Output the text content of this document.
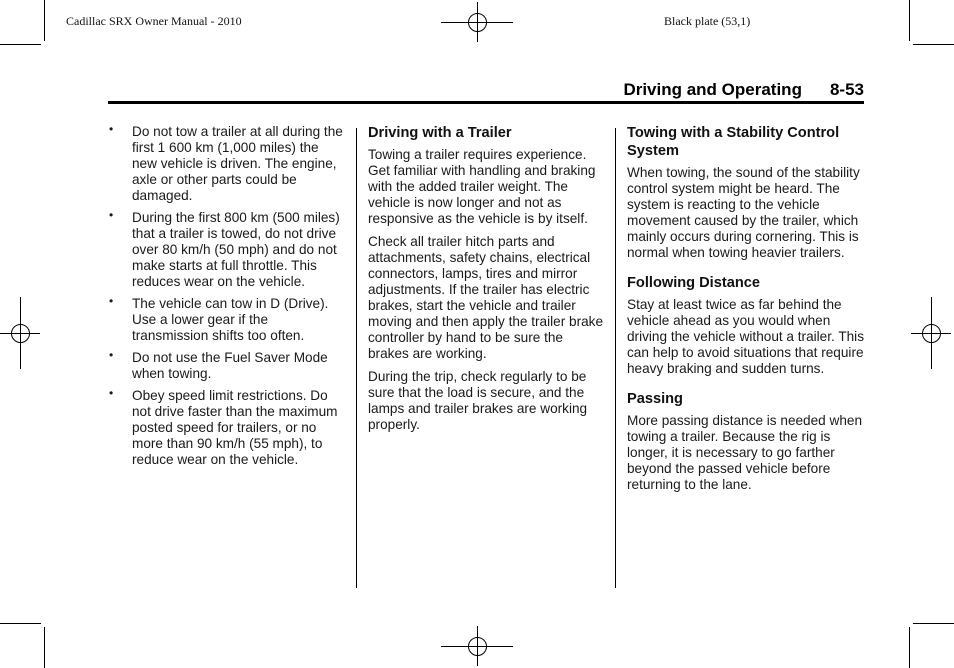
Cadillac SRX Owner Manual - 2010	Black plate (53,1)
Driving and Operating 8-53
• Do not tow a trailer at all during the first 1 600 km (1,000 miles) the new vehicle is driven. The engine, axle or other parts could be damaged.
• During the first 800 km (500 miles) that a trailer is towed, do not drive over 80 km/h (50 mph) and do not make starts at full throttle. This reduces wear on the vehicle.
• The vehicle can tow in D (Drive). Use a lower gear if the transmission shifts too often.
• Do not use the Fuel Saver Mode when towing.
• Obey speed limit restrictions. Do not drive faster than the maximum posted speed for trailers, or no more than 90 km/h (55 mph), to reduce wear on the vehicle.
Driving with a Trailer

Towing a trailer requires experience. Get familiar with handling and braking with the added trailer weight. The vehicle is now longer and not as responsive as the vehicle is by itself.

Check all trailer hitch parts and attachments, safety chains, electrical connectors, lamps, tires and mirror adjustments. If the trailer has electric brakes, start the vehicle and trailer moving and then apply the trailer brake controller by hand to be sure the brakes are working.

During the trip, check regularly to be sure that the load is secure, and the lamps and trailer brakes are working properly.

Towing with a Stability Control System

When towing, the sound of the stability control system might be heard. The system is reacting to the vehicle movement caused by the trailer, which mainly occurs during cornering. This is normal when towing heavier trailers.

Following Distance

Stay at least twice as far behind the vehicle ahead as you would when driving the vehicle without a trailer. This can help to avoid situations that require heavy braking and sudden turns.

Passing

More passing distance is needed when towing a trailer. Because the rig is longer, it is necessary to go farther beyond the passed vehicle before returning to the lane.
